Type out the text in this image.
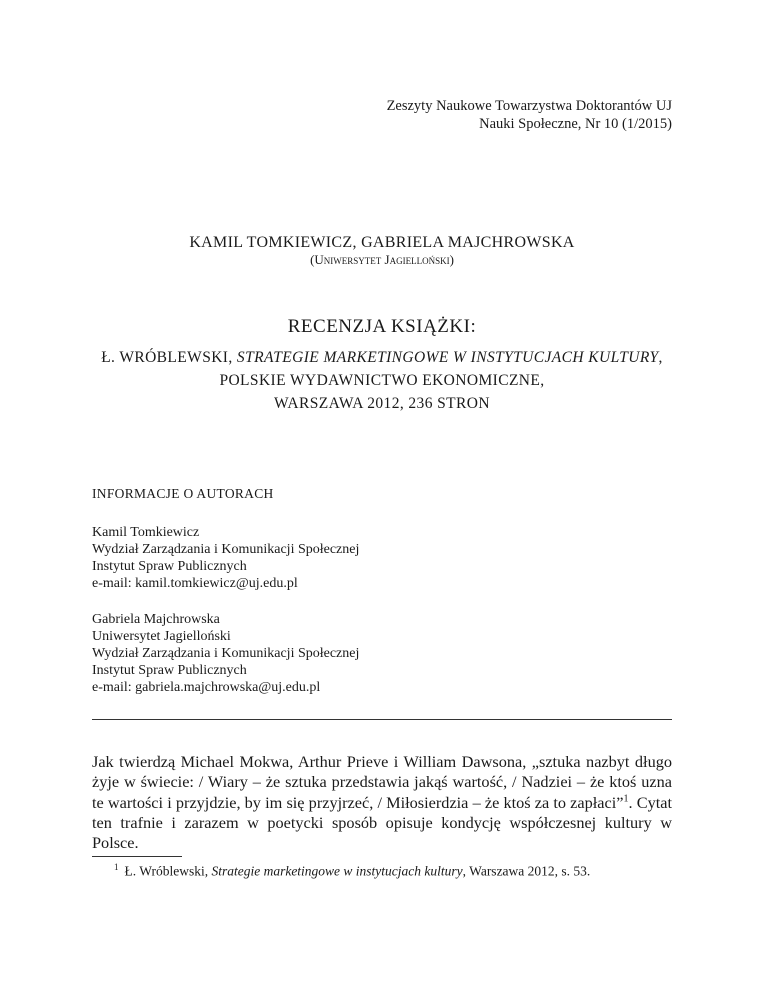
Zeszyty Naukowe Towarzystwa Doktorantów UJ
Nauki Społeczne, Nr 10 (1/2015)
KAMIL TOMKIEWICZ, GABRIELA MAJCHROWSKA
(Uniwersytet Jagielloński)
RECENZJA KSIĄŻKI:
Ł. WRÓBLEWSKI, STRATEGIE MARKETINGOWE W INSTYTUCJACH KULTURY, POLSKIE WYDAWNICTWO EKONOMICZNE,
WARSZAWA 2012, 236 STRON
INFORMACJE O AUTORACH
Kamil Tomkiewicz
Wydział Zarządzania i Komunikacji Społecznej
Instytut Spraw Publicznych
e-mail: kamil.tomkiewicz@uj.edu.pl
Gabriela Majchrowska
Uniwersytet Jagielloński
Wydział Zarządzania i Komunikacji Społecznej
Instytut Spraw Publicznych
e-mail: gabriela.majchrowska@uj.edu.pl
Jak twierdzą Michael Mokwa, Arthur Prieve i William Dawsona, „sztuka nazbyt długo żyje w świecie: / Wiary – że sztuka przedstawia jakąś wartość, / Nadziei – że ktoś uzna te wartości i przyjdzie, by im się przyjrzeć, / Miłosierdzia – że ktoś za to zapłaci”$^1$. Cytat ten trafnie i zarazem w poetycki sposób opisuje kondycję współczesnej kultury w Polsce.
$^1$ Ł. Wróblewski, Strategie marketingowe w instytucjach kultury, Warszawa 2012, s. 53.
